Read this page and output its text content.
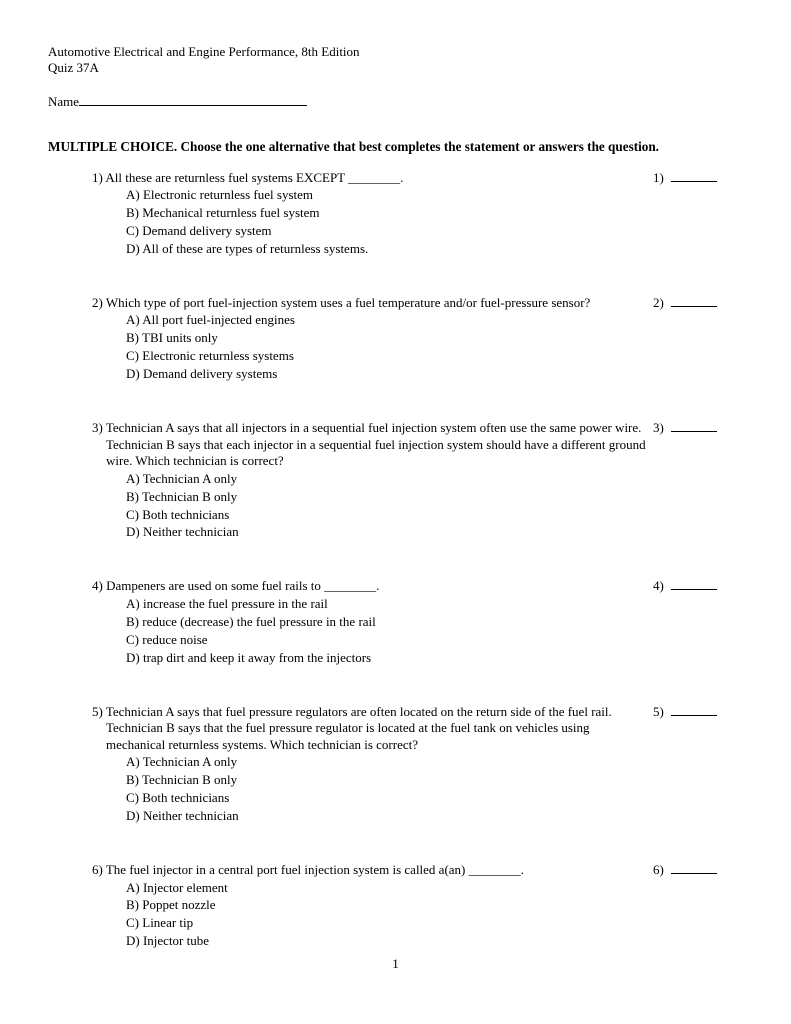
Automotive Electrical and Engine Performance, 8th Edition
Quiz 37A
Name
MULTIPLE CHOICE. Choose the one alternative that best completes the statement or answers the question.
1) All these are returnless fuel systems EXCEPT ________.
A) Electronic returnless fuel system
B) Mechanical returnless fuel system
C) Demand delivery system
D) All of these are types of returnless systems.
1)
2) Which type of port fuel-injection system uses a fuel temperature and/or fuel-pressure sensor?
A) All port fuel-injected engines
B) TBI units only
C) Electronic returnless systems
D) Demand delivery systems
2)
3) Technician A says that all injectors in a sequential fuel injection system often use the same power wire. Technician B says that each injector in a sequential fuel injection system should have a different ground wire. Which technician is correct?
A) Technician A only
B) Technician B only
C) Both technicians
D) Neither technician
3)
4) Dampeners are used on some fuel rails to ________.
A) increase the fuel pressure in the rail
B) reduce (decrease) the fuel pressure in the rail
C) reduce noise
D) trap dirt and keep it away from the injectors
4)
5) Technician A says that fuel pressure regulators are often located on the return side of the fuel rail. Technician B says that the fuel pressure regulator is located at the fuel tank on vehicles using mechanical returnless systems. Which technician is correct?
A) Technician A only
B) Technician B only
C) Both technicians
D) Neither technician
5)
6) The fuel injector in a central port fuel injection system is called a(an) ________.
A) Injector element
B) Poppet nozzle
C) Linear tip
D) Injector tube
6)
1
